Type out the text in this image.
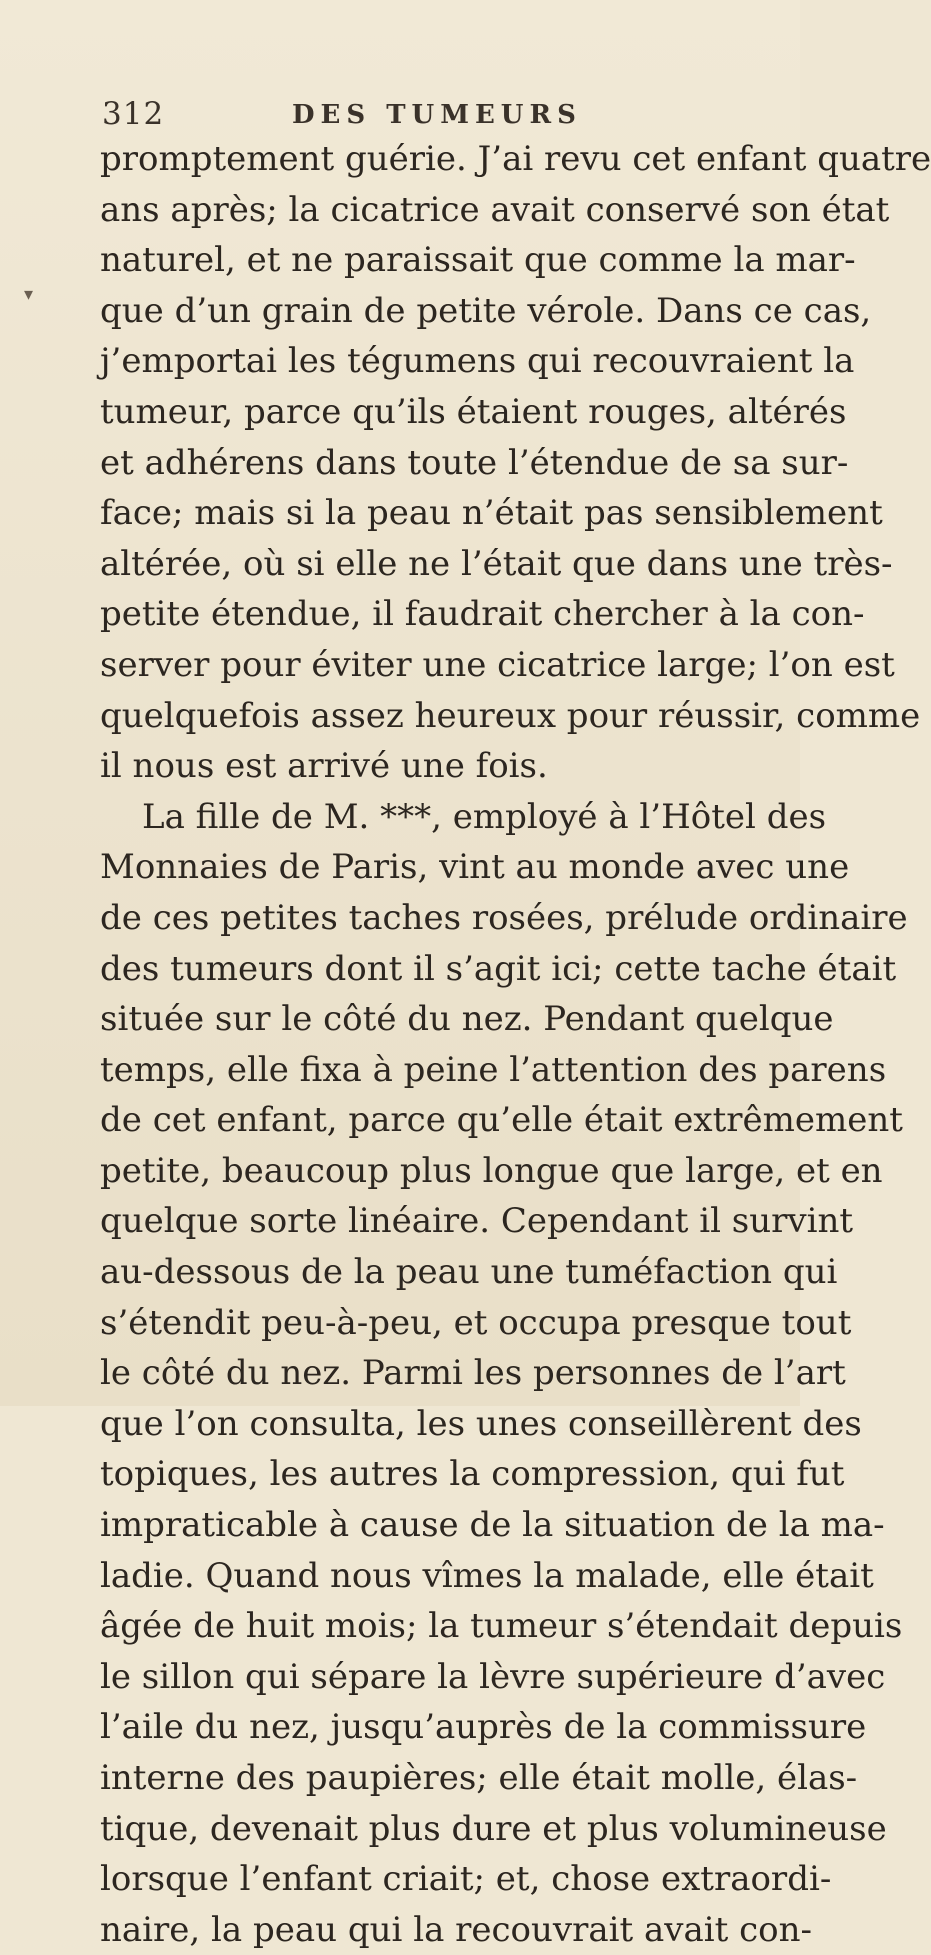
▾
312	DES TUMEURS
promptement guérie. J’ai revu cet enfant quatre
ans après; la cicatrice avait conservé son état
naturel, et ne paraissait que comme la mar-
que d’un grain de petite vérole. Dans ce cas,
j’emportai les tégumens qui recouvraient la
tumeur, parce qu’ils étaient rouges, altérés
et adhérens dans toute l’étendue de sa sur-
face; mais si la peau n’était pas sensiblement
altérée, où si elle ne l’était que dans une très-
petite étendue, il faudrait chercher à la con-
server pour éviter une cicatrice large; l’on est
quelquefois assez heureux pour réussir, comme
il nous est arrivé une fois.
La fille de M. ***, employé à l’Hôtel des
Monnaies de Paris, vint au monde avec une
de ces petites taches rosées, prélude ordinaire
des tumeurs dont il s’agit ici; cette tache était
située sur le côté du nez. Pendant quelque
temps, elle fixa à peine l’attention des parens
de cet enfant, parce qu’elle était extrêmement
petite, beaucoup plus longue que large, et en
quelque sorte linéaire. Cependant il survint
au-dessous de la peau une tuméfaction qui
s’étendit peu-à-peu, et occupa presque tout
le côté du nez. Parmi les personnes de l’art
que l’on consulta, les unes conseillèrent des
topiques, les autres la compression, qui fut
impraticable à cause de la situation de la ma-
ladie. Quand nous vîmes la malade, elle était
âgée de huit mois; la tumeur s’étendait depuis
le sillon qui sépare la lèvre supérieure d’avec
l’aile du nez, jusqu’auprès de la commissure
interne des paupières; elle était molle, élas-
tique, devenait plus dure et plus volumineuse
lorsque l’enfant criait; et, chose extraordi-
naire, la peau qui la recouvrait avait con-
